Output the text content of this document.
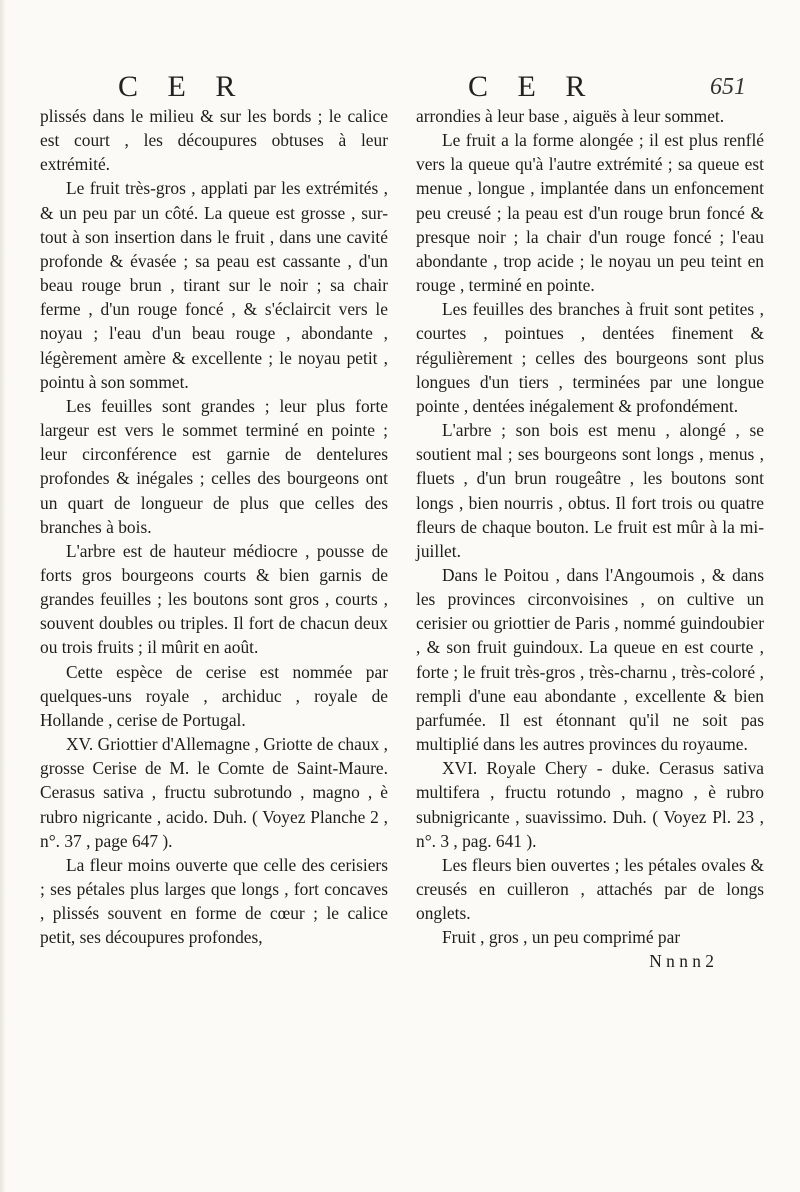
C E R	C E R	651

plissés dans le milieu & sur les bords ; le calice est court , les découpures obtuses à leur extrémité.

Le fruit très-gros , applati par les extrémités , & un peu par un côté. La queue est grosse , sur-tout à son insertion dans le fruit , dans une cavité profonde & évasée ; sa peau est cassante , d'un beau rouge brun , tirant sur le noir ; sa chair ferme , d'un rouge foncé , & s'éclaircit vers le noyau ; l'eau d'un beau rouge , abondante , légèrement amère & excellente ; le noyau petit , pointu à son sommet.

Les feuilles sont grandes ; leur plus forte largeur est vers le sommet terminé en pointe ; leur circonférence est garnie de dentelures profondes & inégales ; celles des bourgeons ont un quart de longueur de plus que celles des branches à bois.

L'arbre est de hauteur médiocre , pousse de forts gros bourgeons courts & bien garnis de grandes feuilles ; les boutons sont gros , courts , souvent doubles ou triples. Il fort de chacun deux ou trois fruits ; il mûrit en août.

Cette espèce de cerise est nommée par quelques-uns royale , archiduc , royale de Hollande , cerise de Portugal.

XV. Griottier d'Allemagne , Griotte de chaux , grosse Cerise de M. le Comte de Saint-Maure. Cerasus sativa , fructu subrotundo , magno , è rubro nigricante , acido. Duh. ( Voyez Planche 2 , n°. 37 , page 647 ).

La fleur moins ouverte que celle des cerisiers ; ses pétales plus larges que longs , fort concaves , plissés souvent en forme de cœur ; le calice petit, ses découpures profondes,

arrondies à leur base , aiguës à leur sommet.

Le fruit a la forme alongée ; il est plus renflé vers la queue qu'à l'autre extrémité ; sa queue est menue , longue , implantée dans un enfoncement peu creusé ; la peau est d'un rouge brun foncé & presque noir ; la chair d'un rouge foncé ; l'eau abondante , trop acide ; le noyau un peu teint en rouge , terminé en pointe.

Les feuilles des branches à fruit sont petites , courtes , pointues , dentées finement & régulièrement ; celles des bourgeons sont plus longues d'un tiers , terminées par une longue pointe , dentées inégalement & profondément.

L'arbre ; son bois est menu , alongé , se soutient mal ; ses bourgeons sont longs , menus , fluets , d'un brun rougeâtre , les boutons sont longs , bien nourris , obtus. Il fort trois ou quatre fleurs de chaque bouton. Le fruit est mûr à la mi-juillet.

Dans le Poitou , dans l'Angoumois , & dans les provinces circonvoisines , on cultive un cerisier ou griottier de Paris , nommé guindoubier , & son fruit guindoux. La queue en est courte , forte ; le fruit très-gros , très-charnu , très-coloré , rempli d'une eau abondante , excellente & bien parfumée. Il est étonnant qu'il ne soit pas multiplié dans les autres provinces du royaume.

XVI. Royale Chery - duke. Cerasus sativa multifera , fructu rotundo , magno , è rubro subnigricante , suavissimo. Duh. ( Voyez Pl. 23 , n°. 3 , pag. 641 ).

Les fleurs bien ouvertes ; les pétales ovales & creusés en cuilleron , attachés par de longs onglets.

Fruit , gros , un peu comprimé par

N n n n 2
